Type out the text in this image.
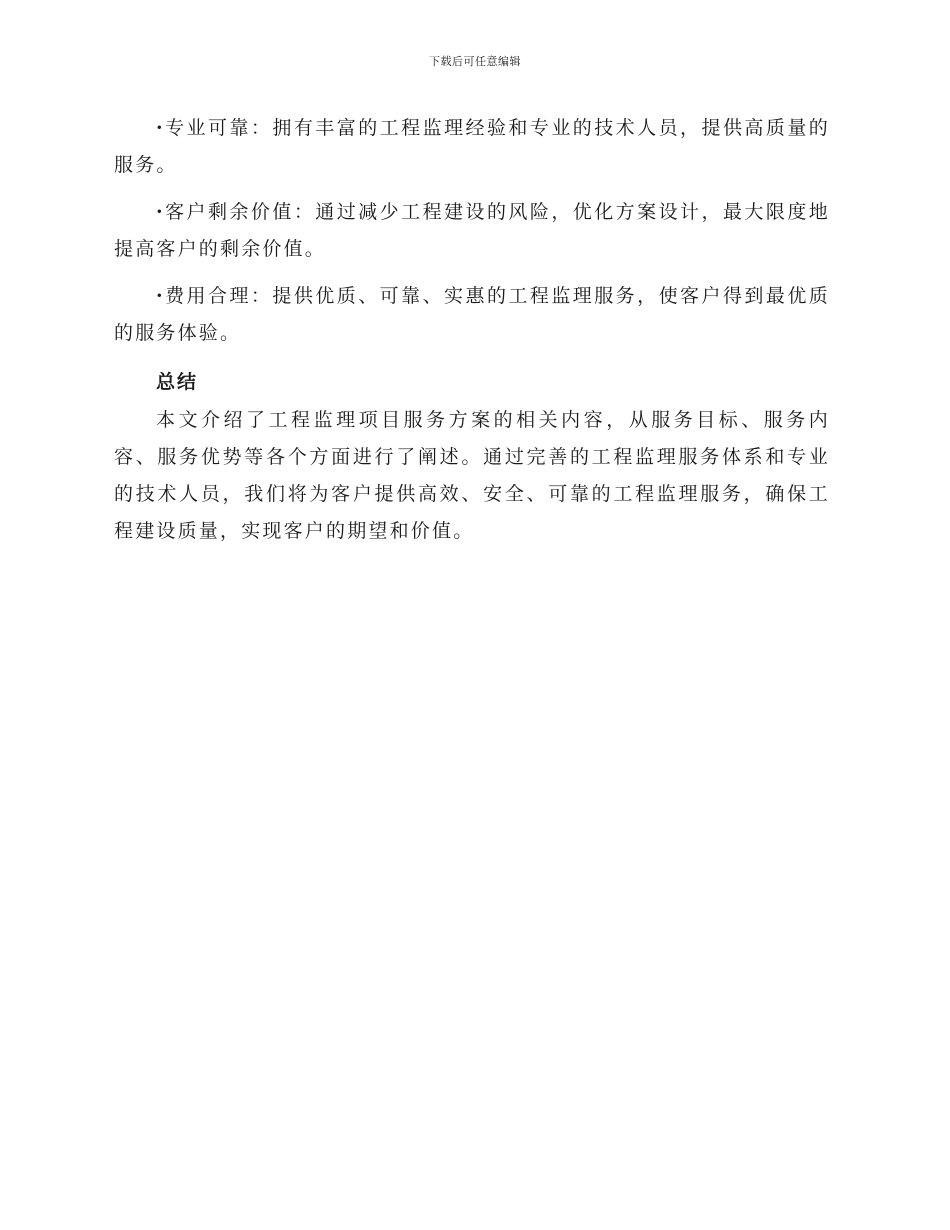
下载后可任意编辑

·专业可靠：拥有丰富的工程监理经验和专业的技术人员，提供高质量的服务。

·客户剩余价值：通过减少工程建设的风险，优化方案设计，最大限度地提高客户的剩余价值。

·费用合理：提供优质、可靠、实惠的工程监理服务，使客户得到最优质的服务体验。

总结

本文介绍了工程监理项目服务方案的相关内容，从服务目标、服务内容、服务优势等各个方面进行了阐述。通过完善的工程监理服务体系和专业的技术人员，我们将为客户提供高效、安全、可靠的工程监理服务，确保工程建设质量，实现客户的期望和价值。
